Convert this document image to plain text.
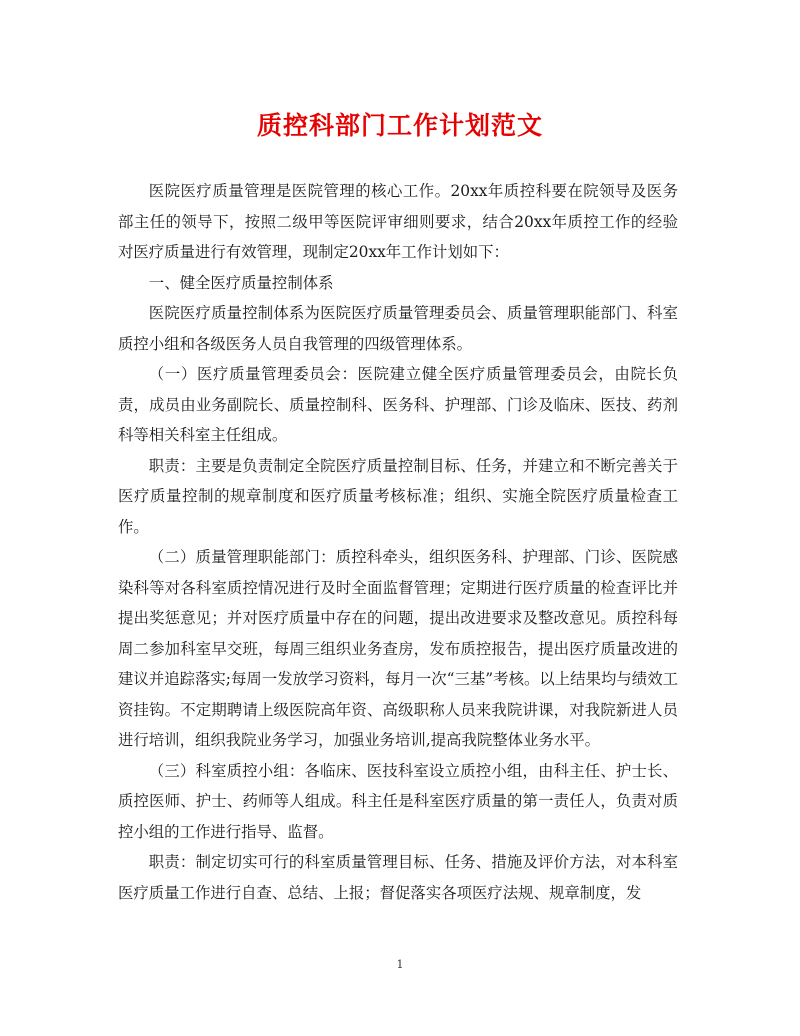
质控科部门工作计划范文

医院医疗质量管理是医院管理的核心工作。20xx年质控科要在院领导及医务部主任的领导下，按照二级甲等医院评审细则要求，结合20xx年质控工作的经验对医疗质量进行有效管理，现制定20xx年工作计划如下：

一、健全医疗质量控制体系

医院医疗质量控制体系为医院医疗质量管理委员会、质量管理职能部门、科室质控小组和各级医务人员自我管理的四级管理体系。

（一）医疗质量管理委员会：医院建立健全医疗质量管理委员会，由院长负责，成员由业务副院长、质量控制科、医务科、护理部、门诊及临床、医技、药剂科等相关科室主任组成。

职责：主要是负责制定全院医疗质量控制目标、任务，并建立和不断完善关于医疗质量控制的规章制度和医疗质量考核标准；组织、实施全院医疗质量检查工作。

（二）质量管理职能部门：质控科牵头，组织医务科、护理部、门诊、医院感染科等对各科室质控情况进行及时全面监督管理；定期进行医疗质量的检查评比并提出奖惩意见；并对医疗质量中存在的问题，提出改进要求及整改意见。质控科每周二参加科室早交班，每周三组织业务查房，发布质控报告，提出医疗质量改进的建议并追踪落实;每周一发放学习资料，每月一次“三基”考核。以上结果均与绩效工资挂钩。不定期聘请上级医院高年资、高级职称人员来我院讲课，对我院新进人员进行培训，组织我院业务学习，加强业务培训,提高我院整体业务水平。

（三）科室质控小组：各临床、医技科室设立质控小组，由科主任、护士长、质控医师、护士、药师等人组成。科主任是科室医疗质量的第一责任人，负责对质控小组的工作进行指导、监督。

职责：制定切实可行的科室质量管理目标、任务、措施及评价方法，对本科室医疗质量工作进行自查、总结、上报；督促落实各项医疗法规、规章制度，发

1
